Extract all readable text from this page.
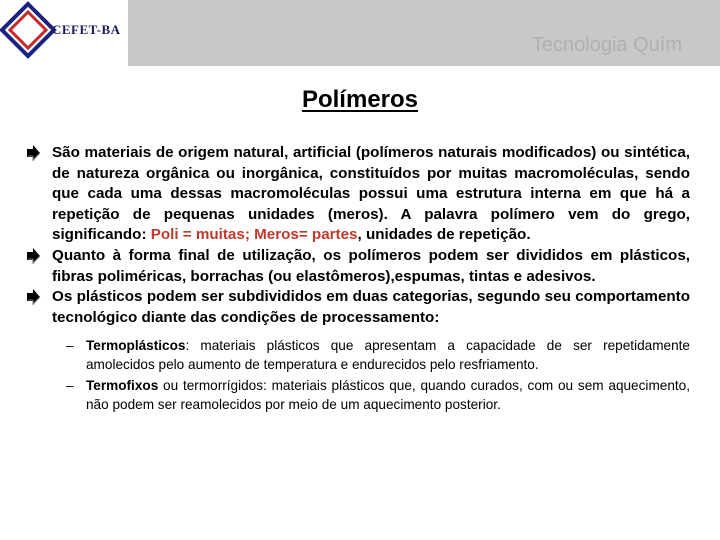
CEFET-BA
Tecnologia Quím
Polímeros
São materiais de origem natural, artificial (polímeros naturais modificados) ou sintética, de natureza orgânica ou inorgânica, constituídos por muitas macromoléculas, sendo que cada uma dessas macromoléculas possui uma estrutura interna em que há a repetição de pequenas unidades (meros). A palavra polímero vem do grego, significando: Poli = muitas; Meros= partes, unidades de repetição.
Quanto à forma final de utilização, os polímeros podem ser divididos em plásticos, fibras poliméricas, borrachas (ou elastômeros),espumas, tintas e adesivos.
Os plásticos podem ser subdivididos em duas categorias, segundo seu comportamento tecnológico diante das condições de processamento:
– Termoplásticos: materiais plásticos que apresentam a capacidade de ser repetidamente amolecidos pelo aumento de temperatura e endurecidos pelo resfriamento.
– Termofixos ou termorrígidos: materiais plásticos que, quando curados, com ou sem aquecimento, não podem ser reamolecidos por meio de um aquecimento posterior.
